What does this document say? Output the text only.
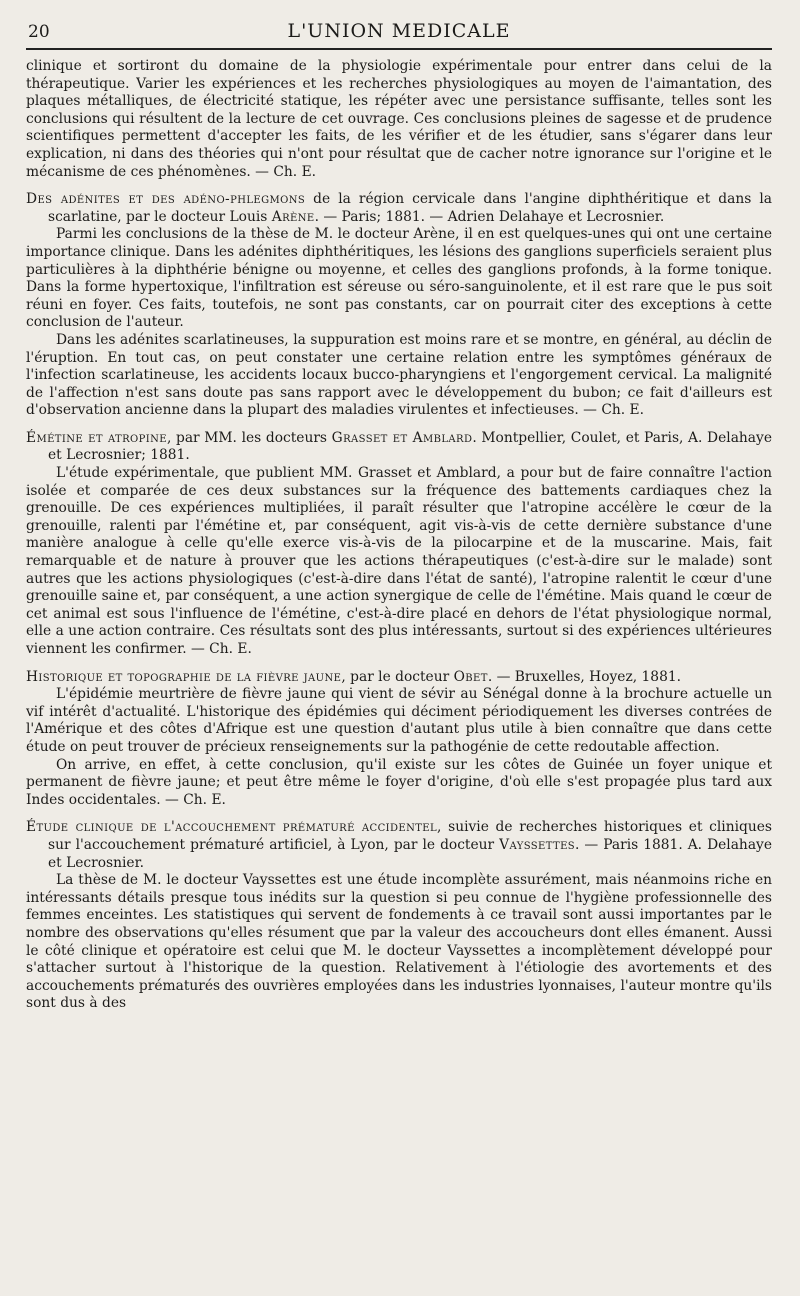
20	L'UNION MEDICALE

clinique et sortiront du domaine de la physiologie expérimentale pour entrer dans celui de la thérapeutique. Varier les expériences et les recherches physiologiques au moyen de l'aimantation, des plaques métalliques, de électricité statique, les répéter avec une persistance suffisante, telles sont les conclusions qui résultent de la lecture de cet ouvrage. Ces conclusions pleines de sagesse et de prudence scientifiques permettent d'accepter les faits, de les vérifier et de les étudier, sans s'égarer dans leur explication, ni dans des théories qui n'ont pour résultat que de cacher notre ignorance sur l'origine et le mécanisme de ces phénomènes. — Ch. E.

Des adénites et des adéno-phlegmons de la région cervicale dans l'angine diphthéritique et dans la scarlatine, par le docteur Louis Arène. — Paris; 1881. — Adrien Delahaye et Lecrosnier.

Parmi les conclusions de la thèse de M. le docteur Arène, il en est quelques-unes qui ont une certaine importance clinique. Dans les adénites diphthéritiques, les lésions des ganglions superficiels seraient plus particulières à la diphthérie bénigne ou moyenne, et celles des ganglions profonds, à la forme tonique. Dans la forme hypertoxique, l'infiltration est séreuse ou séro-sanguinolente, et il est rare que le pus soit réuni en foyer. Ces faits, toutefois, ne sont pas constants, car on pourrait citer des exceptions à cette conclusion de l'auteur.

Dans les adénites scarlatineuses, la suppuration est moins rare et se montre, en général, au déclin de l'éruption. En tout cas, on peut constater une certaine relation entre les symptômes généraux de l'infection scarlatineuse, les accidents locaux bucco-pharyngiens et l'engorgement cervical. La malignité de l'affection n'est sans doute pas sans rapport avec le développement du bubon; ce fait d'ailleurs est d'observation ancienne dans la plupart des maladies virulentes et infectieuses. — Ch. E.

Émétine et atropine, par MM. les docteurs Grasset et Amblard. Montpellier, Coulet, et Paris, A. Delahaye et Lecrosnier; 1881.

L'étude expérimentale, que publient MM. Grasset et Amblard, a pour but de faire connaître l'action isolée et comparée de ces deux substances sur la fréquence des battements cardiaques chez la grenouille. De ces expériences multipliées, il paraît résulter que l'atropine accélère le cœur de la grenouille, ralenti par l'émétine et, par conséquent, agit vis-à-vis de cette dernière substance d'une manière analogue à celle qu'elle exerce vis-à-vis de la pilocarpine et de la muscarine. Mais, fait remarquable et de nature à prouver que les actions thérapeutiques (c'est-à-dire sur le malade) sont autres que les actions physiologiques (c'est-à-dire dans l'état de santé), l'atropine ralentit le cœur d'une grenouille saine et, par conséquent, a une action synergique de celle de l'émétine. Mais quand le cœur de cet animal est sous l'influence de l'émétine, c'est-à-dire placé en dehors de l'état physiologique normal, elle a une action contraire. Ces résultats sont des plus intéressants, surtout si des expériences ultérieures viennent les confirmer. — Ch. E.

Historique et topographie de la fièvre jaune, par le docteur Obet. — Bruxelles, Hoyez, 1881.

L'épidémie meurtrière de fièvre jaune qui vient de sévir au Sénégal donne à la brochure actuelle un vif intérêt d'actualité. L'historique des épidémies qui déciment périodiquement les diverses contrées de l'Amérique et des côtes d'Afrique est une question d'autant plus utile à bien connaître que dans cette étude on peut trouver de précieux renseignements sur la pathogénie de cette redoutable affection.

On arrive, en effet, à cette conclusion, qu'il existe sur les côtes de Guinée un foyer unique et permanent de fièvre jaune; et peut être même le foyer d'origine, d'où elle s'est propagée plus tard aux Indes occidentales. — Ch. E.

Étude clinique de l'accouchement prématuré accidentel, suivie de recherches historiques et cliniques sur l'accouchement prématuré artificiel, à Lyon, par le docteur Vayssettes. — Paris 1881. A. Delahaye et Lecrosnier.

La thèse de M. le docteur Vayssettes est une étude incomplète assurément, mais néanmoins riche en intéressants détails presque tous inédits sur la question si peu connue de l'hygiène professionnelle des femmes enceintes. Les statistiques qui servent de fondements à ce travail sont aussi importantes par le nombre des observations qu'elles résument que par la valeur des accoucheurs dont elles émanent. Aussi le côté clinique et opératoire est celui que M. le docteur Vayssettes a incomplètement développé pour s'attacher surtout à l'historique de la question. Relativement à l'étiologie des avortements et des accouchements prématurés des ouvrières employées dans les industries lyonnaises, l'auteur montre qu'ils sont dus à des
